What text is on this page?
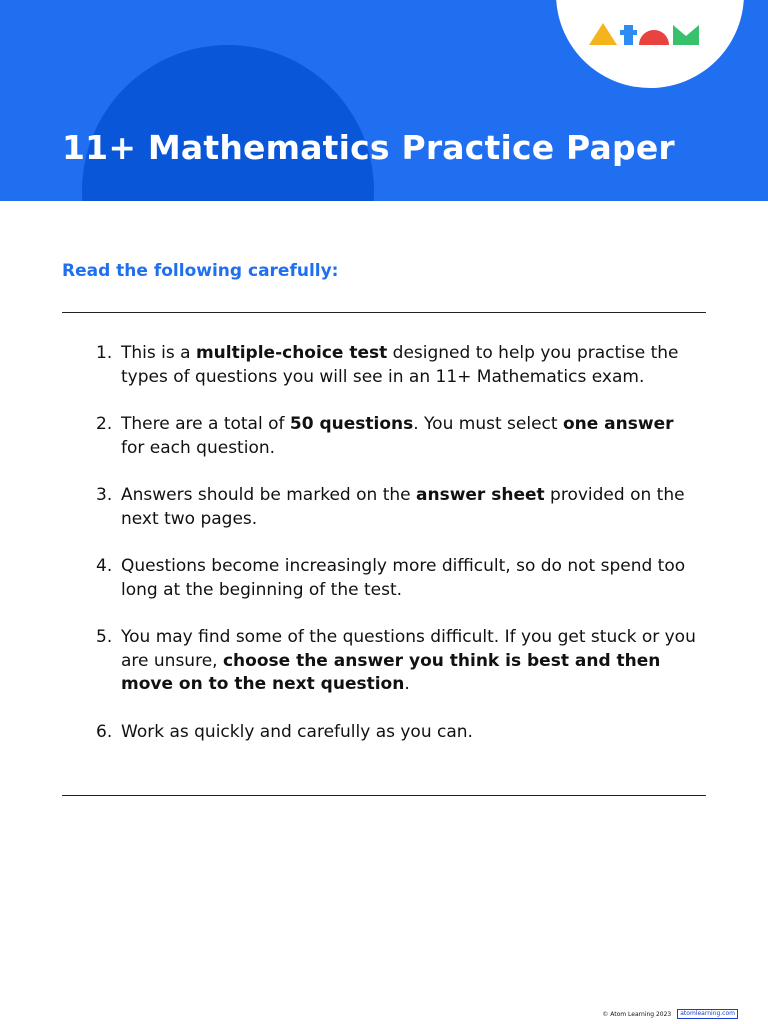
11+ Mathematics Practice Paper
Read the following carefully:
1. This is a multiple-choice test designed to help you practise the types of questions you will see in an 11+ Mathematics exam.
2. There are a total of 50 questions. You must select one answer for each question.
3. Answers should be marked on the answer sheet provided on the next two pages.
4. Questions become increasingly more difficult, so do not spend too long at the beginning of the test.
5. You may find some of the questions difficult. If you get stuck or you are unsure, choose the answer you think is best and then move on to the next question.
6. Work as quickly and carefully as you can.
© Atom Learning 2023	atomlearning.com
